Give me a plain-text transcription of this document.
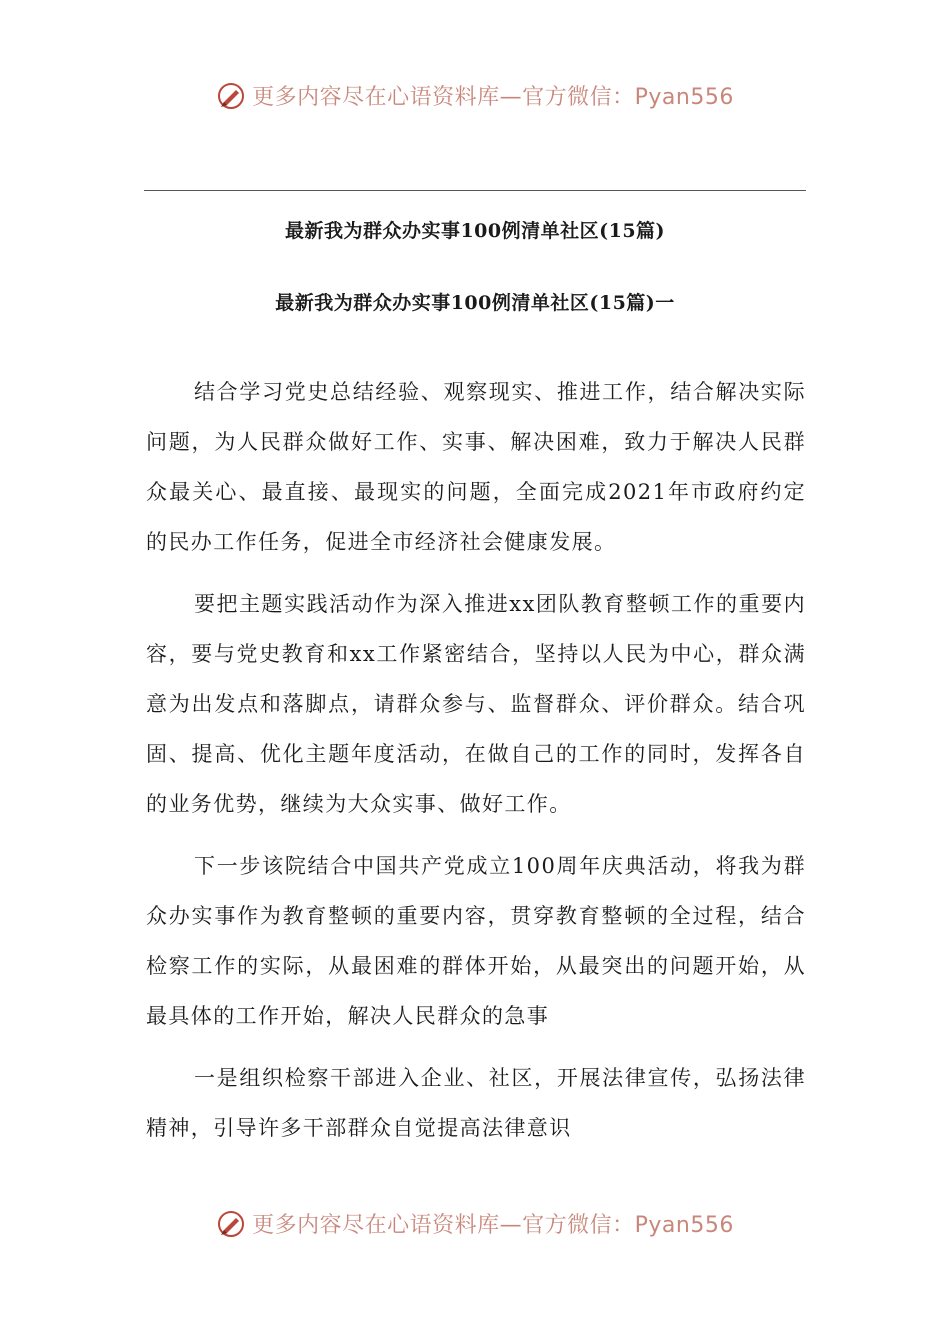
更多内容尽在心语资料库—官方微信：Pyan556
最新我为群众办实事100例清单社区(15篇)
最新我为群众办实事100例清单社区(15篇)一

结合学习党史总结经验、观察现实、推进工作，结合解决实际问题，为人民群众做好工作、实事、解决困难，致力于解决人民群众最关心、最直接、最现实的问题，全面完成2021年市政府约定的民办工作任务，促进全市经济社会健康发展。

要把主题实践活动作为深入推进xx团队教育整顿工作的重要内容，要与党史教育和xx工作紧密结合，坚持以人民为中心，群众满意为出发点和落脚点，请群众参与、监督群众、评价群众。结合巩固、提高、优化主题年度活动，在做自己的工作的同时，发挥各自的业务优势，继续为大众实事、做好工作。

下一步该院结合中国共产党成立100周年庆典活动，将我为群众办实事作为教育整顿的重要内容，贯穿教育整顿的全过程，结合检察工作的实际，从最困难的群体开始，从最突出的问题开始，从最具体的工作开始，解决人民群众的急事

一是组织检察干部进入企业、社区，开展法律宣传，弘扬法律精神，引导许多干部群众自觉提高法律意识

更多内容尽在心语资料库—官方微信：Pyan556
